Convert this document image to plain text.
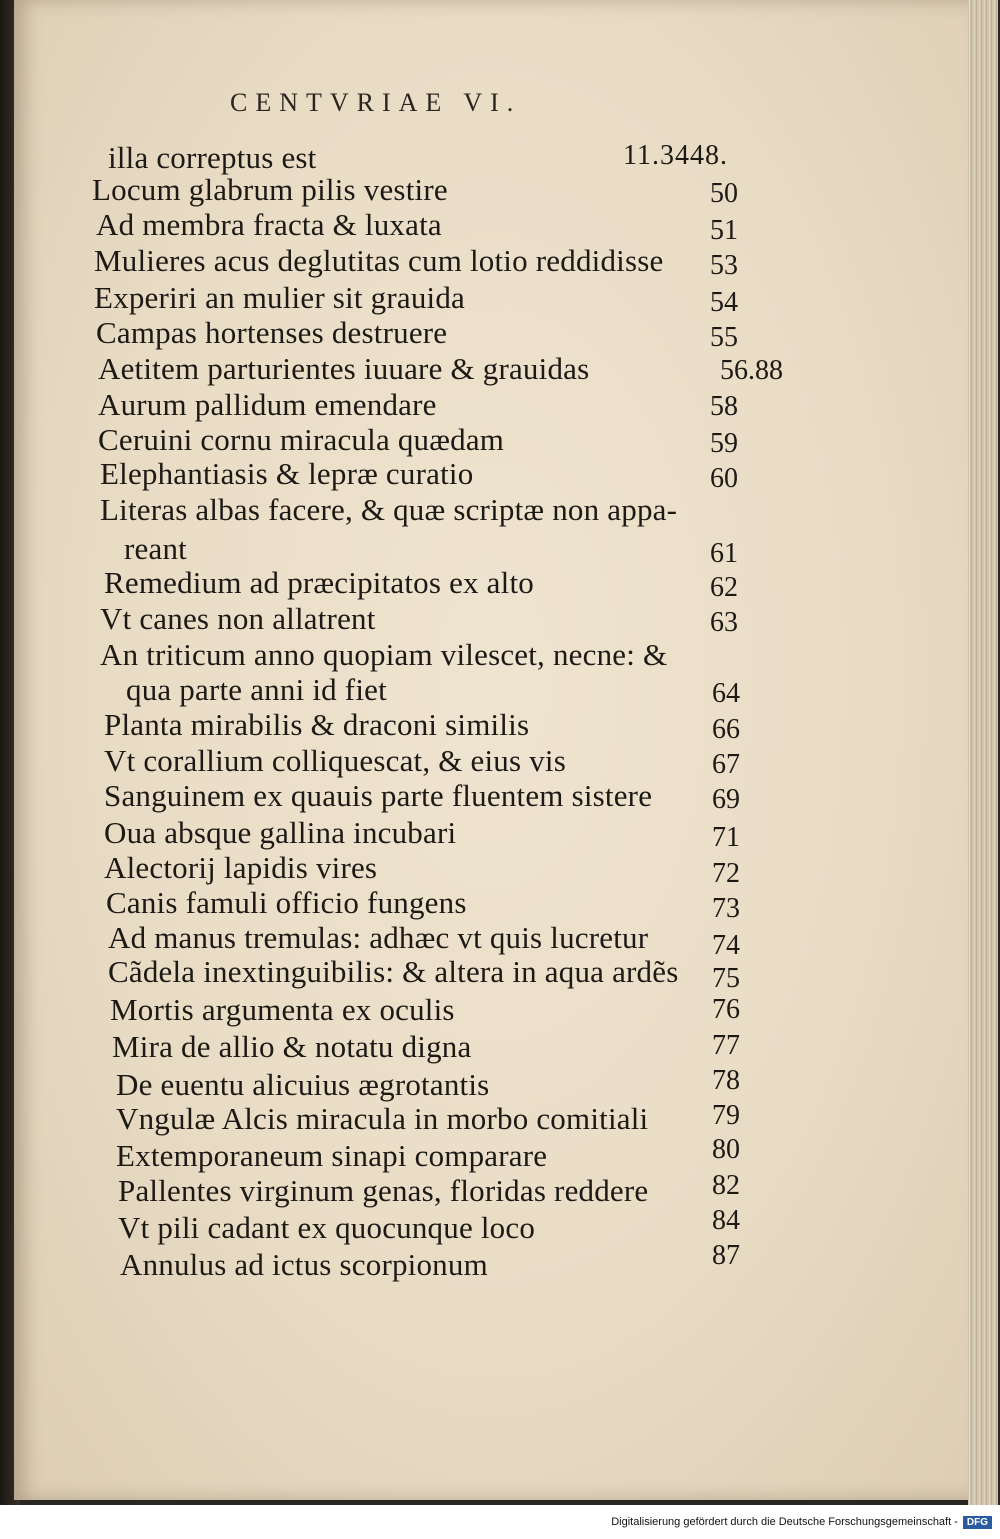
CENTVRIAE VI.
illa correptus est	11.3448.
Locum glabrum pilis vestire	50
Ad membra fracta & luxata	51
Mulieres acus deglutitas cum lotio reddidisse 53
Experiri an mulier sit grauida	54
Campas hortenses destruere	55
Aetitem parturientes iuuare & grauidas	56.88
Aurum pallidum emendare	58
Ceruini cornu miracula quædam	59
Elephantiasis & lepræ curatio	60
Literas albas facere, & quæ scriptæ non appa-
reant	61
Remedium ad præcipitatos ex alto	62
Vt canes non allatrent	63
An triticum anno quopiam vilescet, necne: &
qua parte anni id fiet	64
Planta mirabilis & draconi similis	66
Vt corallium colliquescat, & eius vis	67
Sanguinem ex quauis parte fluentem sistere 69
Oua absque gallina incubari	71
Alectorij lapidis vires	72
Canis famuli officio fungens	73
Ad manus tremulas: adhæc vt quis lucretur 74
Cãdela inextinguibilis: & altera in aqua ardẽs 75
Mortis argumenta ex oculis	76
Mira de allio & notatu digna	77
De euentu alicuius ægrotantis	78
Vngulæ Alcis miracula in morbo comitiali 79
Extemporaneum sinapi comparare	80
Pallentes virginum genas, floridas reddere 82
Vt pili cadant ex quocunque loco	84
Annulus ad ictus scorpionum	87
Digitalisierung gefördert durch die Deutsche Forschungsgemeinschaft - DFG
